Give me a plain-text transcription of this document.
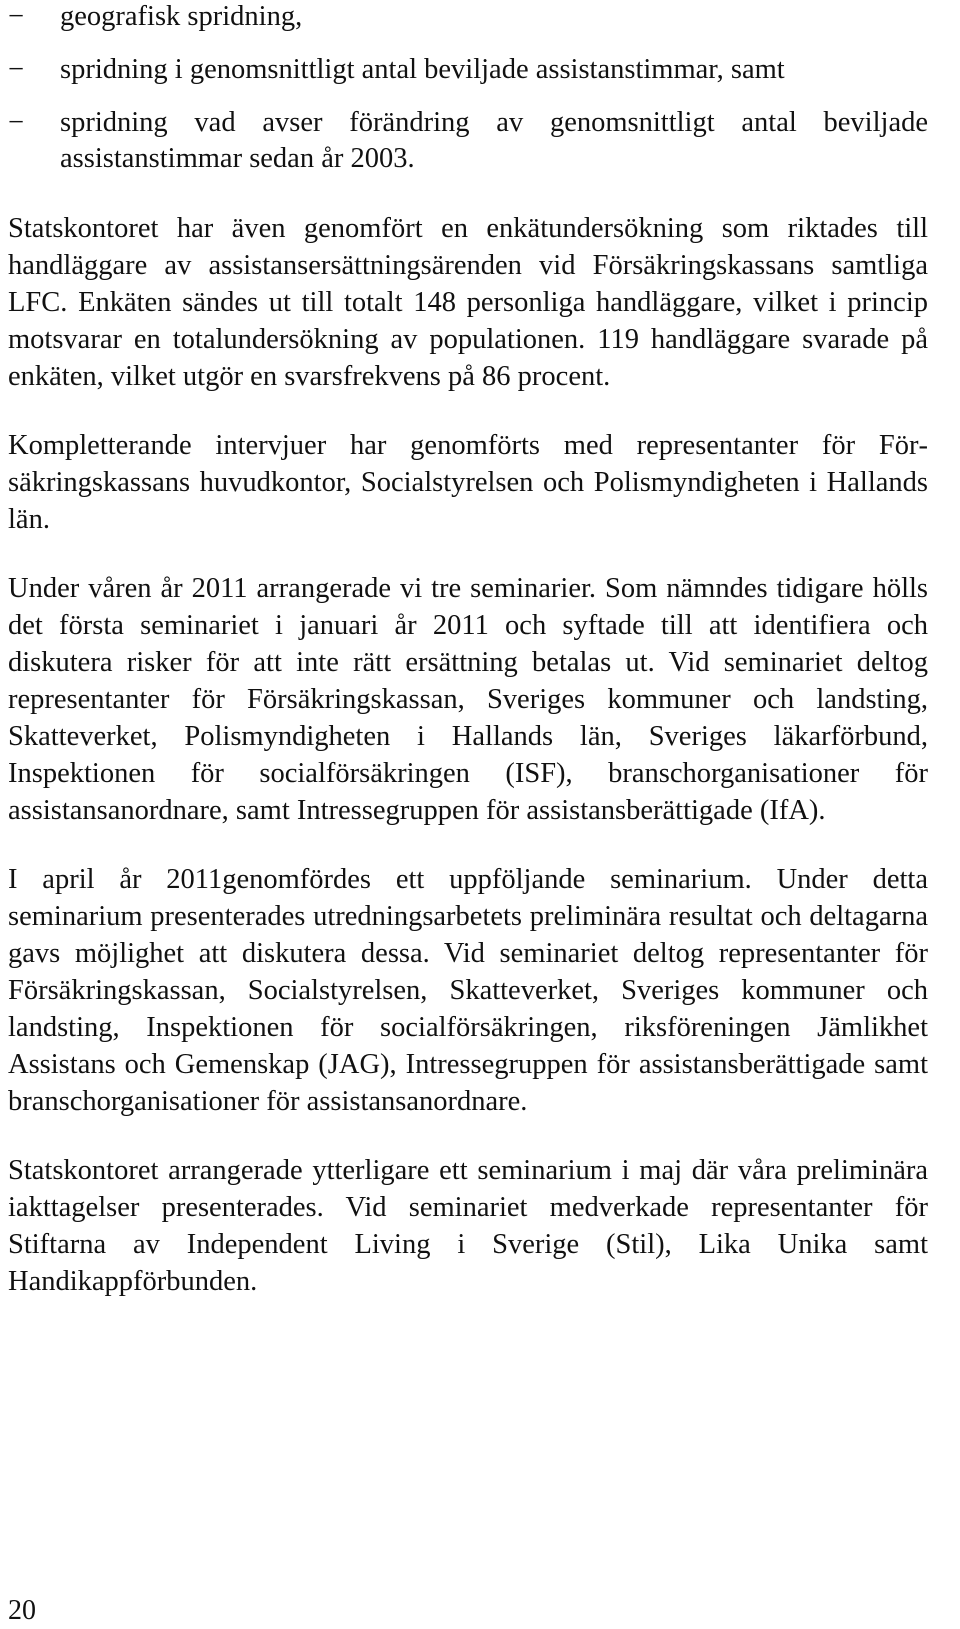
− geografisk spridning,
− spridning i genomsnittligt antal beviljade assistanstimmar, samt
− spridning vad avser förändring av genomsnittligt antal beviljade assistanstimmar sedan år 2003.

Statskontoret har även genomfört en enkätundersökning som riktades till handläggare av assistansersättningsärenden vid Försäkringskassans samtliga LFC. Enkäten sändes ut till totalt 148 personliga handläggare, vilket i princip motsvarar en totalundersökning av populationen. 119 handläggare svarade på enkäten, vilket utgör en svarsfrekvens på 86 procent.

Kompletterande intervjuer har genomförts med representanter för Försäkringskassans huvudkontor, Socialstyrelsen och Polismyndigheten i Hallands län.

Under våren år 2011 arrangerade vi tre seminarier. Som nämndes tidigare hölls det första seminariet i januari år 2011 och syftade till att identifiera och diskutera risker för att inte rätt ersättning betalas ut. Vid seminariet deltog representanter för Försäkringskassan, Sveriges kommuner och landsting, Skatteverket, Polismyndigheten i Hallands län, Sveriges läkarförbund, Inspektionen för socialförsäkringen (ISF), branschorganisationer för assistansanordnare, samt Intressegruppen för assistansberättigade (IfA).

I april år 2011genomfördes ett uppföljande seminarium. Under detta seminarium presenterades utredningsarbetets preliminära resultat och deltagarna gavs möjlighet att diskutera dessa. Vid seminariet deltog representanter för Försäkringskassan, Socialstyrelsen, Skatteverket, Sveriges kommuner och landsting, Inspektionen för socialförsäkringen, riksföreningen Jämlikhet Assistans och Gemenskap (JAG), Intressegruppen för assistansberättigade samt branschorganisationer för assistansanordnare.

Statskontoret arrangerade ytterligare ett seminarium i maj där våra preliminära iakttagelser presenterades. Vid seminariet medverkade representanter för Stiftarna av Independent Living i Sverige (Stil), Lika Unika samt Handikappförbunden.

20
